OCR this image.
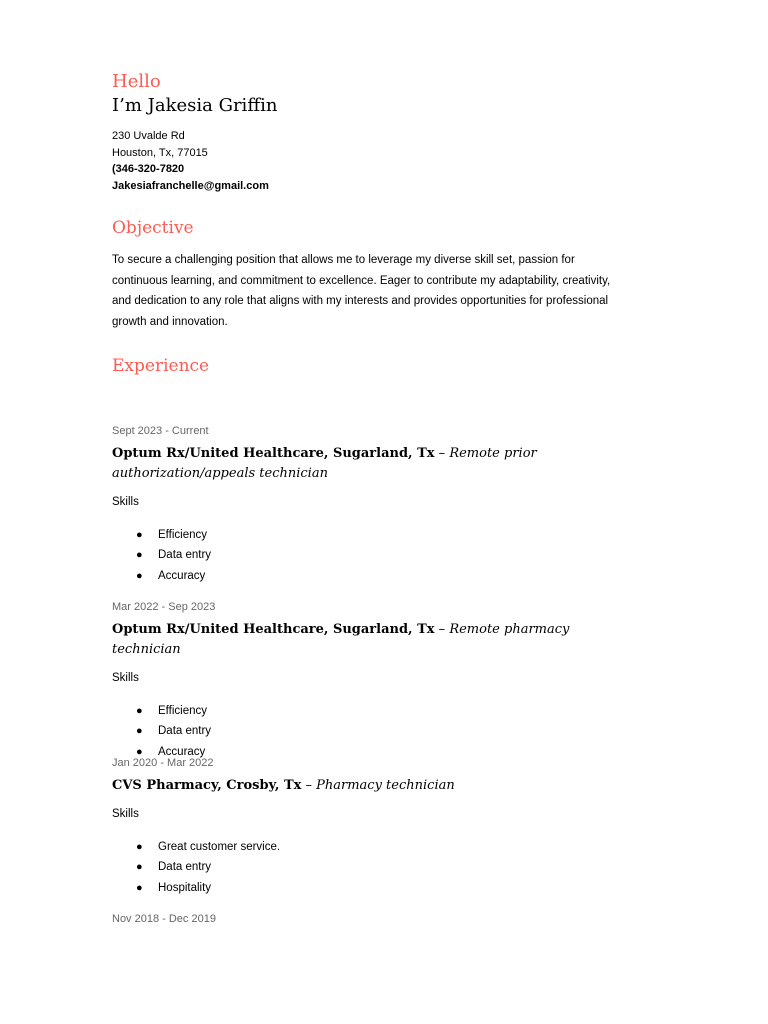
Hello
I’m Jakesia Griffin
230 Uvalde Rd
Houston, Tx, 77015
(346-320-7820
Jakesiafranchelle@gmail.com
Objective
To secure a challenging position that allows me to leverage my diverse skill set, passion for
continuous learning, and commitment to excellence. Eager to contribute my adaptability, creativity,
and dedication to any role that aligns with my interests and provides opportunities for professional
growth and innovation.
Experience
Sept 2023 - Current
Optum Rx/United Healthcare, Sugarland, Tx – Remote prior authorization/appeals technician
Skills
● Efficiency
● Data entry
● Accuracy
Mar 2022 - Sep 2023
Optum Rx/United Healthcare, Sugarland, Tx – Remote pharmacy technician
Skills
● Efficiency
● Data entry
● Accuracy
Jan 2020 - Mar 2022
CVS Pharmacy, Crosby, Tx – Pharmacy technician
Skills
● Great customer service.
● Data entry
● Hospitality
Nov 2018 - Dec 2019
